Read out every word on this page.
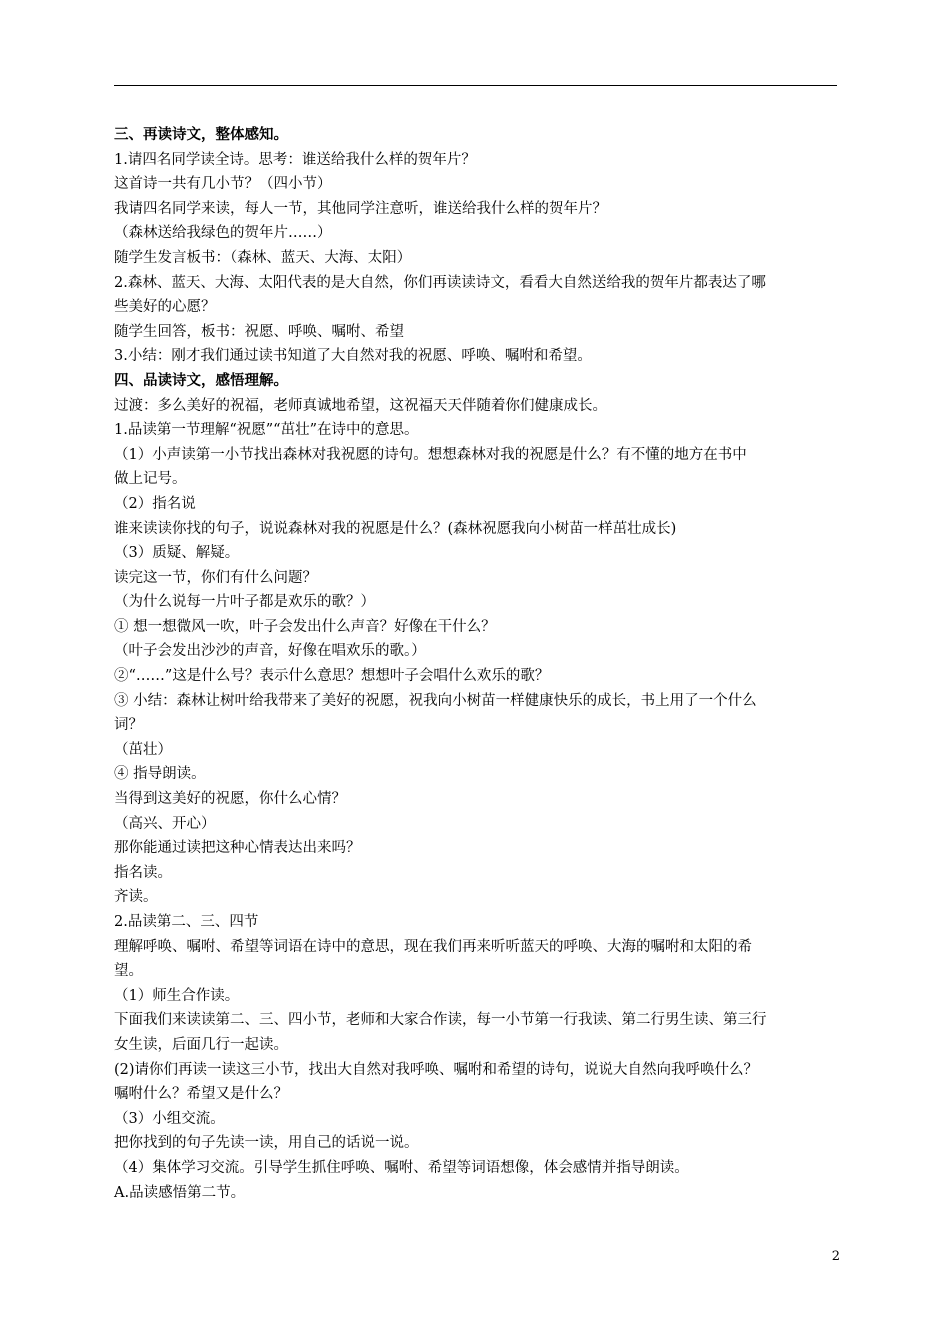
三、再读诗文，整体感知。
1.请四名同学读全诗。思考：谁送给我什么样的贺年片？
这首诗一共有几小节？（四小节）
我请四名同学来读，每人一节，其他同学注意听，谁送给我什么样的贺年片？
（森林送给我绿色的贺年片……）
随学生发言板书：（森林、蓝天、大海、太阳）
2.森林、蓝天、大海、太阳代表的是大自然，你们再读读诗文，看看大自然送给我的贺年片都表达了哪
些美好的心愿？
随学生回答，板书：祝愿、呼唤、嘱咐、希望
3.小结：刚才我们通过读书知道了大自然对我的祝愿、呼唤、嘱咐和希望。
四、品读诗文，感悟理解。
过渡：多么美好的祝福，老师真诚地希望，这祝福天天伴随着你们健康成长。
1.品读第一节理解“祝愿”“茁壮”在诗中的意思。
（1）小声读第一小节找出森林对我祝愿的诗句。想想森林对我的祝愿是什么？有不懂的地方在书中
做上记号。
（2）指名说
谁来读读你找的句子，说说森林对我的祝愿是什么？(森林祝愿我向小树苗一样茁壮成长)
（3）质疑、解疑。
读完这一节，你们有什么问题？
（为什么说每一片叶子都是欢乐的歌？）
① 想一想微风一吹，叶子会发出什么声音？好像在干什么？
（叶子会发出沙沙的声音，好像在唱欢乐的歌。）
②“……”这是什么号？表示什么意思？想想叶子会唱什么欢乐的歌？
③ 小结：森林让树叶给我带来了美好的祝愿，祝我向小树苗一样健康快乐的成长，书上用了一个什么
词？
（茁壮）
④ 指导朗读。
当得到这美好的祝愿，你什么心情？
（高兴、开心）
那你能通过读把这种心情表达出来吗？
指名读。
齐读。
2.品读第二、三、四节
理解呼唤、嘱咐、希望等词语在诗中的意思，现在我们再来听听蓝天的呼唤、大海的嘱咐和太阳的希
望。
（1）师生合作读。
下面我们来读读第二、三、四小节，老师和大家合作读，每一小节第一行我读、第二行男生读、第三行
女生读，后面几行一起读。
(2)请你们再读一读这三小节，找出大自然对我呼唤、嘱咐和希望的诗句，说说大自然向我呼唤什么？
嘱咐什么？希望又是什么？
（3）小组交流。
把你找到的句子先读一读，用自己的话说一说。
（4）集体学习交流。引导学生抓住呼唤、嘱咐、希望等词语想像，体会感情并指导朗读。
A.品读感悟第二节。
2
